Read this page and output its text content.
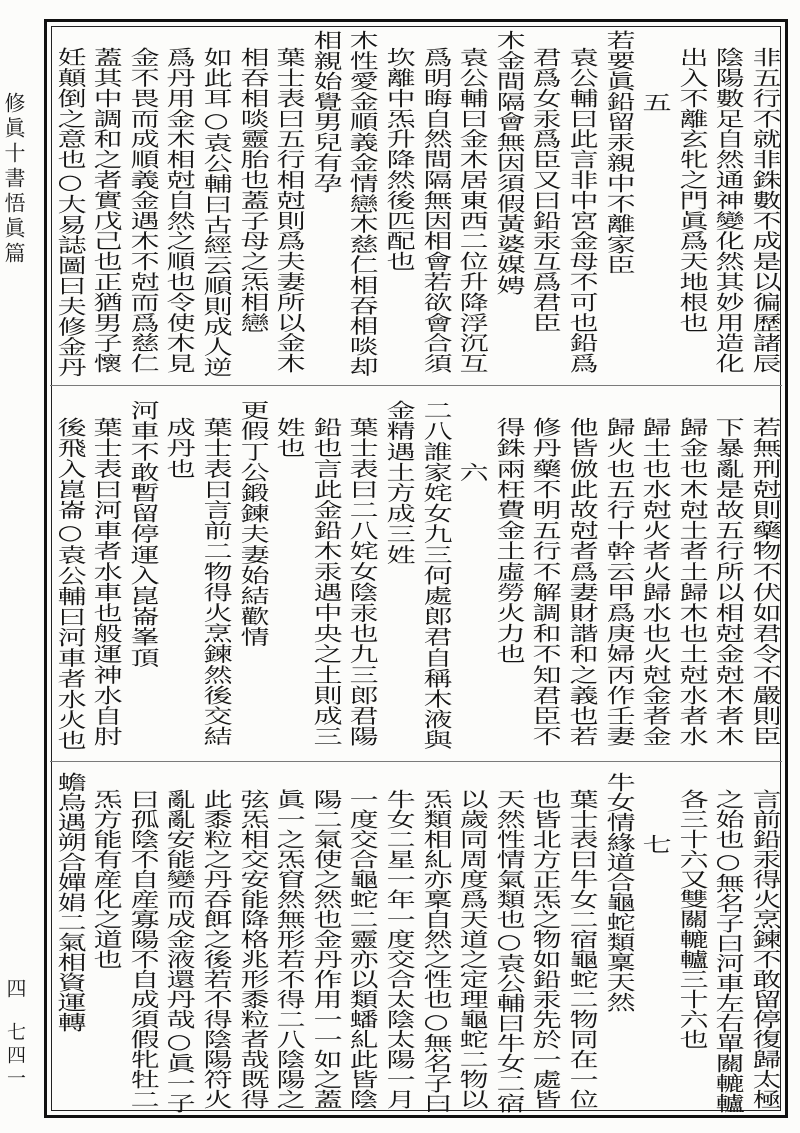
修眞十書悟眞篇
四
七四一
非五行不就非銖數不成是以徧歷諸辰
陰陽數足自然通神變化然其妙用造化
出入不離玄牝之門眞爲天地根也
五
若要眞鉛留汞親中不離家臣
袁公輔曰此言非中宮金母不可也鉛爲
君爲女汞爲臣又曰鉛汞互爲君臣
木金間隔會無因須假黃婆媒娉
袁公輔曰金木居東西二位升降浮沉互
爲明晦自然間隔無因相會若欲會合須
坎離中炁升降然後匹配也
木性愛金順義金情戀木慈仁相吞相啖却
相親始覺男兒有孕
葉士表曰五行相尅則爲夫妻所以金木
相吞相啖靈胎也蓋子母之炁相戀
如此耳○袁公輔曰古經云順則成人逆
爲丹用金木相尅自然之順也令使木見
金不畏而成順義金遇木不尅而爲慈仁
蓋其中調和之者實戊己也正猶男子懷
妊顛倒之意也○大易誌圖曰夫修金丹
若無刑尅則藥物不伏如君令不嚴則臣
下暴亂是故五行所以相尅金尅木者木
歸金也木尅土者土歸木也土尅水者水
歸土也水尅火者火歸水也火尅金者金
歸火也五行十幹云甲爲庚婦丙作壬妻
他皆倣此故尅者爲妻財諧和之義也若
修丹藥不明五行不解調和不知君臣不
得銖兩枉費金土虛勞火力也
六
二八誰家姹女九三何處郎君自稱木液與
金精遇土方成三姓
葉士表曰二八姹女陰汞也九三郎君陽
鉛也言此金鉛木汞遇中央之土則成三
姓也
更假丁公鍛鍊夫妻始結歡情
葉士表曰言前二物得火烹鍊然後交結
成丹也
河車不敢暫留停運入崑崙峯頂
葉士表曰河車者水車也般運神水自肘
後飛入崑崙○袁公輔曰河車者水火也
言前鉛汞得火烹鍊不敢留停復歸太極
之始也○無名子曰河車左右單關轆轤
各三十六又雙關轆轤三十六也
七
牛女情緣道合龜蛇類稟天然
葉士表曰牛女二宿龜蛇二物同在一位
也皆北方正炁之物如鉛汞先於一處皆
天然性情氣類也○袁公輔曰牛女二宿
以歲同周度爲天道之定理龜蛇二物以
炁類相糺亦稟自然之性也○無名子曰
牛女二星一年一度交合太陰太陽一月
一度交合龜蛇二靈亦以類蟠糺此皆陰
陽二氣使之然也金丹作用一一如之蓋
眞一之炁窅然無形若不得二八陰陽之
弦炁相交安能降格兆形黍粒者哉既得
此黍粒之丹吞餌之後若不得陰陽符火
亂亂安能變而成金液還丹哉○眞一子
曰孤陰不自産寡陽不自成須假牝牡二
炁方能有産化之道也
蟾烏遇朔合嬋娟二氣相資運轉
